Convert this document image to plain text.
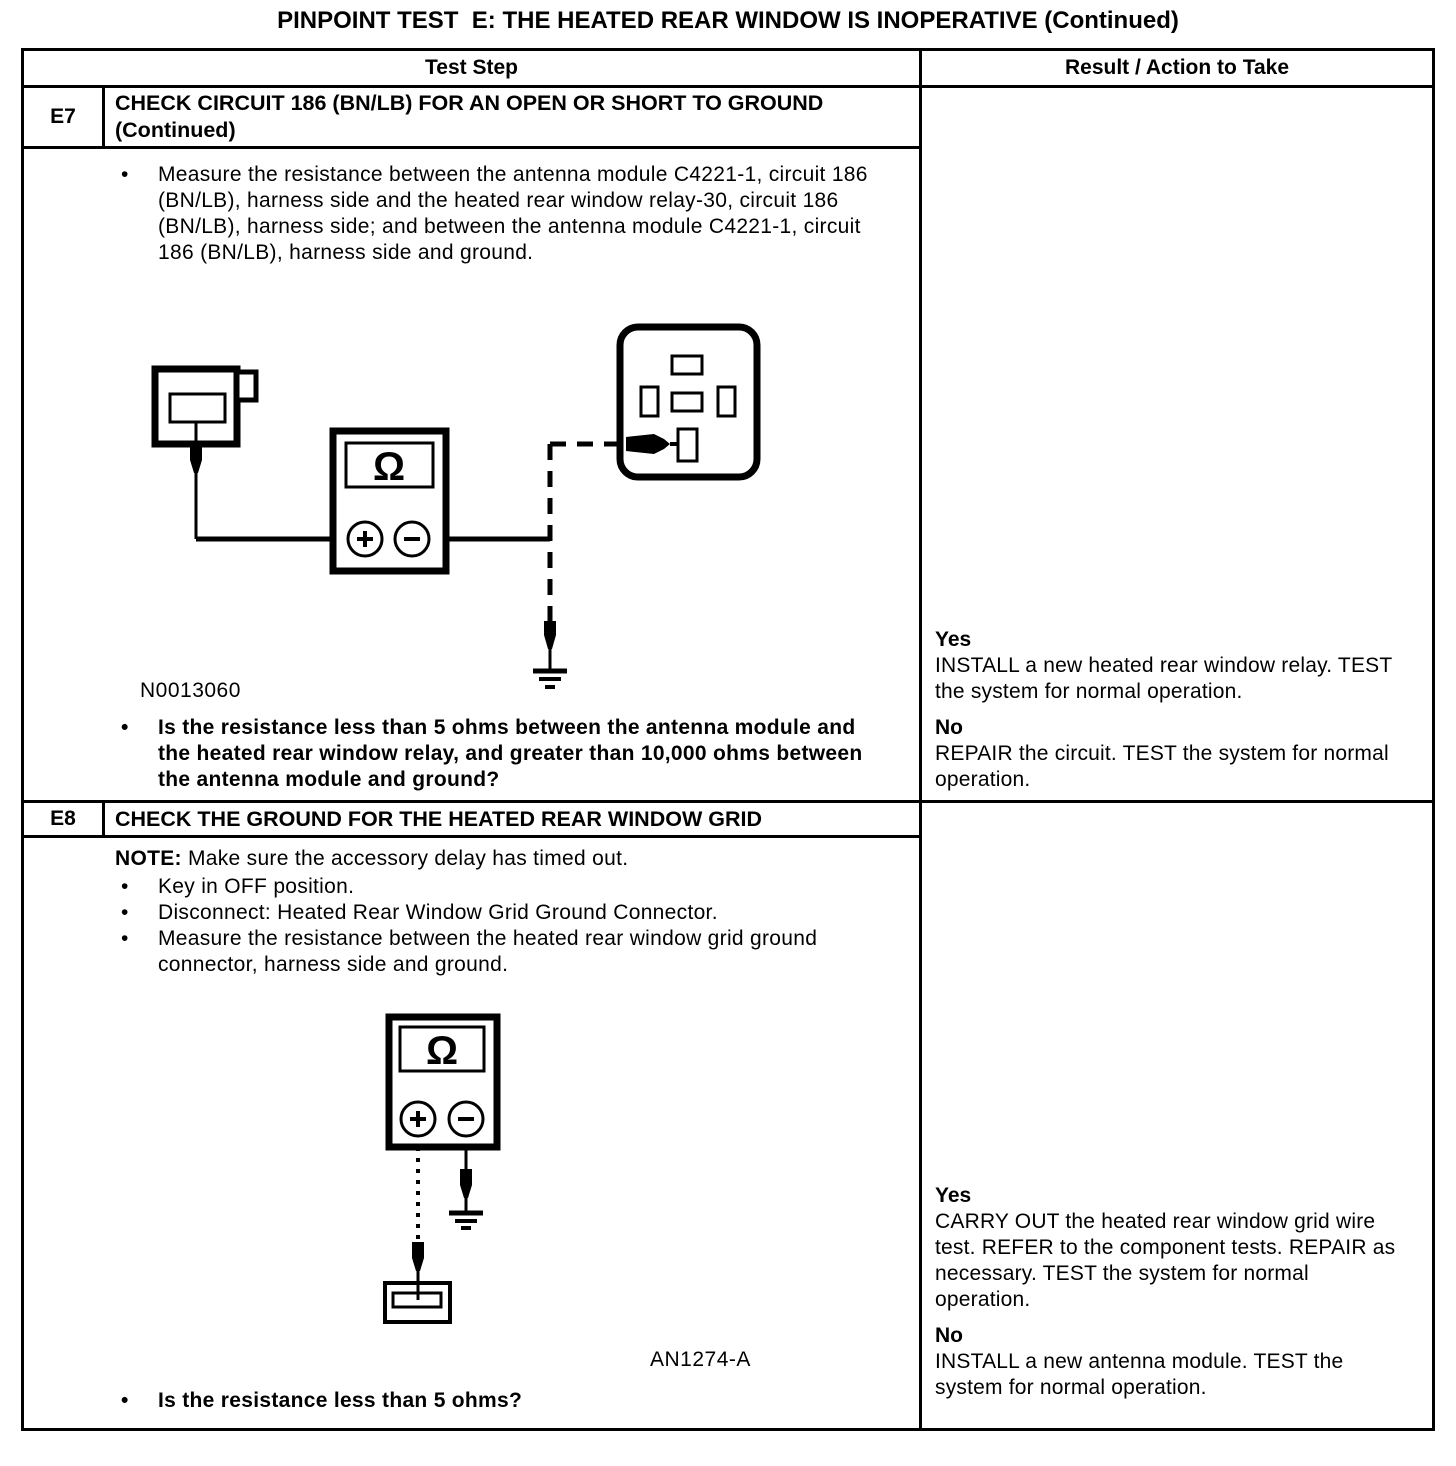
PINPOINT TEST  E: THE HEATED REAR WINDOW IS INOPERATIVE (Continued)
Test Step	Result / Action to Take
E7
CHECK CIRCUIT 186 (BN/LB) FOR AN OPEN OR SHORT TO GROUND (Continued)
•	Measure the resistance between the antenna module C4221-1, circuit 186 (BN/LB), harness side and the heated rear window relay-30, circuit 186 (BN/LB), harness side; and between the antenna module C4221-1, circuit 186 (BN/LB), harness side and ground.
Ω
N0013060
•	Is the resistance less than 5 ohms between the antenna module and the heated rear window relay, and greater than 10,000 ohms between the antenna module and ground?
Yes
INSTALL a new heated rear window relay. TEST the system for normal operation.
No
REPAIR the circuit. TEST the system for normal operation.
E8	CHECK THE GROUND FOR THE HEATED REAR WINDOW GRID
NOTE: Make sure the accessory delay has timed out.
•	Key in OFF position.
•	Disconnect: Heated Rear Window Grid Ground Connector.
•	Measure the resistance between the heated rear window grid ground connector, harness side and ground.
Ω
AN1274-A
•	Is the resistance less than 5 ohms?
Yes
CARRY OUT the heated rear window grid wire test. REFER to the component tests. REPAIR as necessary. TEST the system for normal operation.
No
INSTALL a new antenna module. TEST the system for normal operation.
